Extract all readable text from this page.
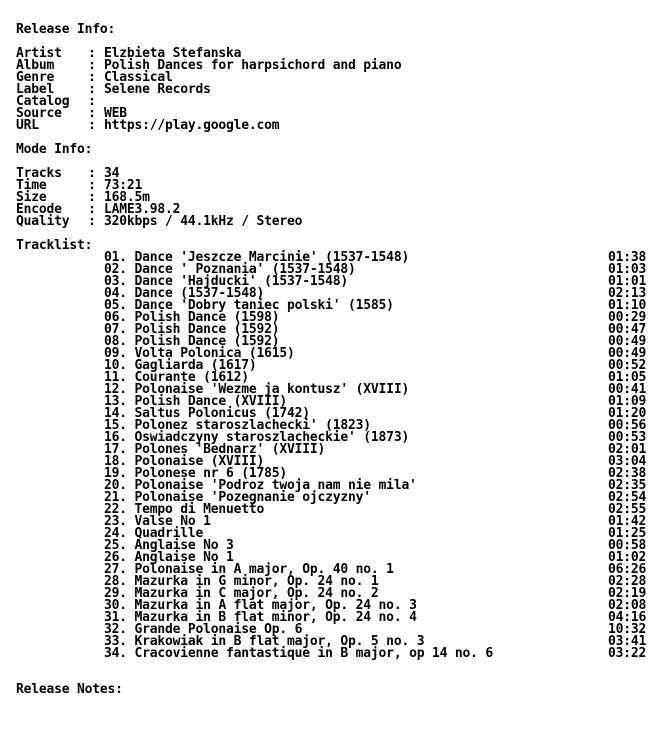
Release Info:
Artist : Elzbieta Stefanska
Album	: Polish Dances for harpsichord and piano
Genre	: Classical
Label	: Selene Records
Catalog :
Source : WEB
URL	: https://play.google.com
Mode Info:
Tracks : 34
Time	: 73:21
Size	: 168.5m
Encode : LAME3.98.2
Quality : 320kbps / 44.1kHz / Stereo
Tracklist:
01. Dance 'Jeszcze Marcinie' (1537-1548)	01:38
02. Dance ' Poznania' (1537-1548)	01:03
03. Dance 'Hajducki' (1537-1548)	01:01
04. Dance (1537-1548)	02:13
05. Dance 'Dobry taniec polski' (1585)	01:10
06. Polish Dance (1598)	00:29
07. Polish Dance (1592)	00:47
08. Polish Dance (1592)	00:49
09. Volta Polonica (1615)	00:49
10. Gagliarda (1617)	00:52
11. Courante (1612)	01:05
12. Polonaise 'Wezme ja kontusz' (XVIII)	00:41
13. Polish Dance (XVIII)	01:09
14. Saltus Polonicus (1742)	01:20
15. Polonez staroszlachecki' (1823)	00:56
16. Oswiadczyny staroszlacheckie' (1873)	00:53
17. Polones 'Bednarz' (XVIII)	02:01
18. Polonaise (XVIII)	03:04
19. Polonese nr 6 (1785)	02:38
20. Polonaise 'Podroz twoja nam nie mila'	02:35
21. Polonaise 'Pozegnanie ojczyzny'	02:54
22. Tempo di Menuetto	02:55
23. Valse No 1	01:42
24. Quadrille	01:25
25. Anglaise No 3	00:58
26. Anglaise No 1	01:02
27. Polonaise in A major, Op. 40 no. 1	06:26
28. Mazurka in G minor, Op. 24 no. 1	02:28
29. Mazurka in C major, Op. 24 no. 2	02:19
30. Mazurka in A flat major, Op. 24 no. 3	02:08
31. Mazurka in B flat minor, Op. 24 no. 4	04:16
32. Grande Polonaise Op. 6	10:32
33. Krakowiak in B flat major, Op. 5 no. 3	03:41
34. Cracovienne fantastique in B major, op 14 no. 6	03:22
Release Notes:
